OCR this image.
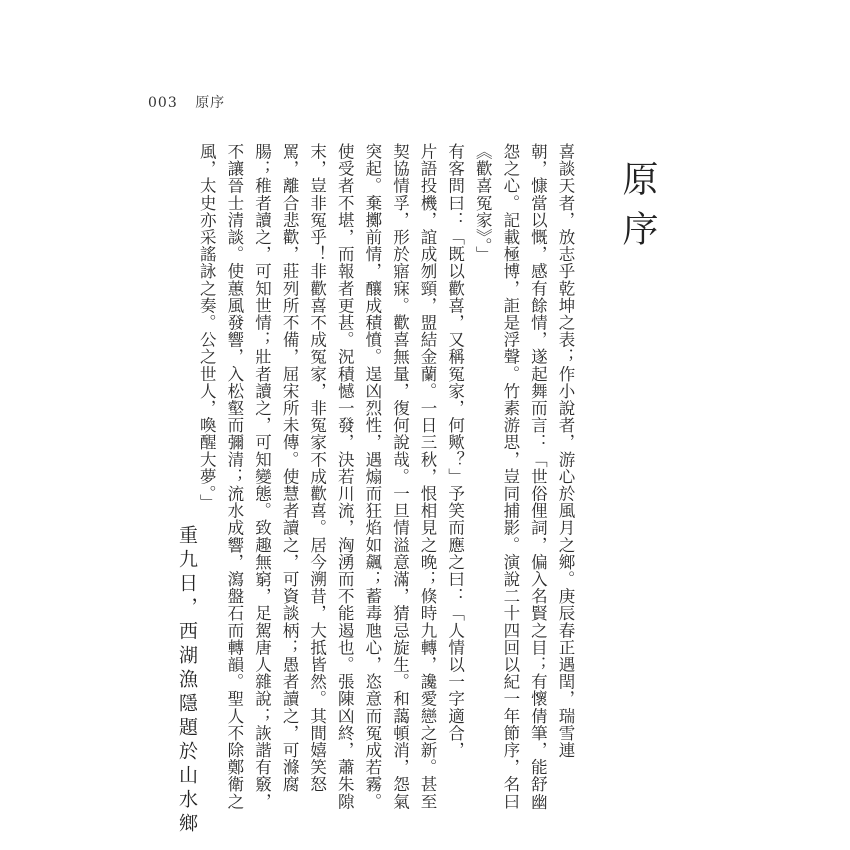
003 原序
原序
喜談天者，放志乎乾坤之表；作小說者，游心於風月之鄉。庚辰春正遇閏，瑞雪連
朝，慷當以慨，感有餘情，遂起舞而言：「世俗俚詞，偏入名賢之目；有懷倩筆，能舒幽
怨之心。記載極博，詎是浮聲。竹素游思，豈同捕影。演說二十四回以紀一年節序，名曰
《歡喜冤家》。」
有客問曰：「既以歡喜，又稱冤家，何歟？」予笑而應之曰：「人情以一字適合，
片語投機，誼成刎頸，盟結金蘭。一日三秋，恨相見之晚；倏時九轉，讒愛戀之新。甚至
契協情孚，形於寤寐。歡喜無量，復何說哉。一旦情溢意滿，猜忌旋生。和藹頓消，怨氣
突起。棄擲前情，釀成積憤。逞凶烈性，遇煽而狂焰如飆；蓄毒虺心，恣意而冤成若霧。
使受者不堪，而報者更甚。況積憾一發，決若川流，洶湧而不能遏也。張陳凶終，蕭朱隙
末，豈非冤乎！非歡喜不成冤家，非冤家不成歡喜。居今溯昔，大抵皆然。其間嬉笑怒
罵，離合悲歡，莊列所不備，屈宋所未傳。使慧者讀之，可資談柄；愚者讀之，可滌腐
腸；稚者讀之，可知世情；壯者讀之，可知變態。致趣無窮，足駕唐人雜說；詼諧有竅，
不讓晉士清談。使蕙風發響，入松壑而彌清；流水成響，瀉盤石而轉韻。聖人不除鄭衛之
風，太史亦采謠詠之奏。公之世人，喚醒大夢。」
重九日，西湖漁隱題於山水鄉
